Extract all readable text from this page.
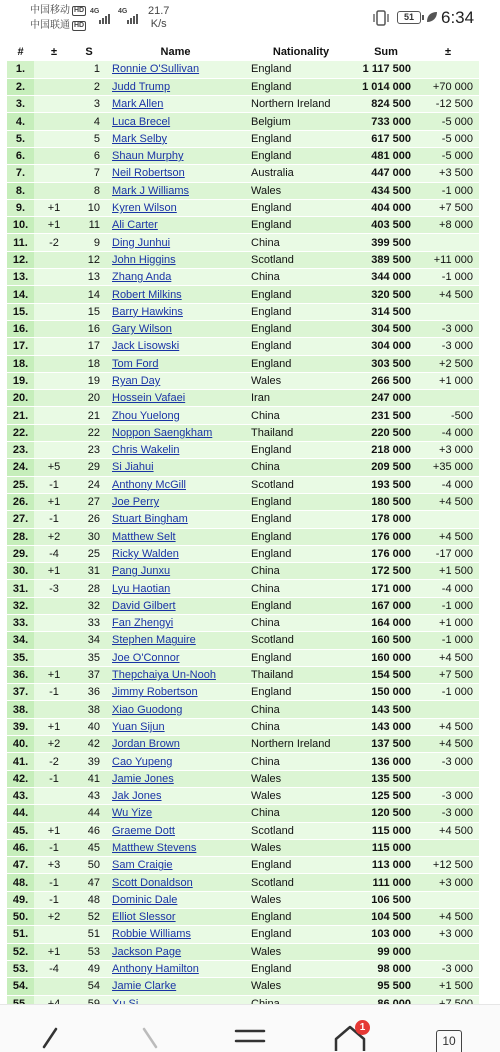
中国移动 HD
中国联通 HD
4G	4G 21.7
K/s
51	6:34
#	±	S	Name	Nationality	Sum	±
1.		1	Ronnie O'Sullivan	England	1 117 500	
2.		2	Judd Trump	England	1 014 000	+70 000
3.		3	Mark Allen	Northern Ireland	824 500	-12 500
4.		4	Luca Brecel	Belgium	733 000	-5 000
5.		5	Mark Selby	England	617 500	-5 000
6.		6	Shaun Murphy	England	481 000	-5 000
7.		7	Neil Robertson	Australia	447 000	+3 500
8.		8	Mark J Williams	Wales	434 500	-1 000
9.	+1	10	Kyren Wilson	England	404 000	+7 500
10.	+1	11	Ali Carter	England	403 500	+8 000
11.	-2	9	Ding Junhui	China	399 500	
12.		12	John Higgins	Scotland	389 500	+11 000
13.		13	Zhang Anda	China	344 000	-1 000
14.		14	Robert Milkins	England	320 500	+4 500
15.		15	Barry Hawkins	England	314 500	
16.		16	Gary Wilson	England	304 500	-3 000
17.		17	Jack Lisowski	England	304 000	-3 000
18.		18	Tom Ford	England	303 500	+2 500
19.		19	Ryan Day	Wales	266 500	+1 000
20.		20	Hossein Vafaei	Iran	247 000	
21.		21	Zhou Yuelong	China	231 500	-500
22.		22	Noppon Saengkham	Thailand	220 500	-4 000
23.		23	Chris Wakelin	England	218 000	+3 000
24.	+5	29	Si Jiahui	China	209 500	+35 000
25.	-1	24	Anthony McGill	Scotland	193 500	-4 000
26.	+1	27	Joe Perry	England	180 500	+4 500
27.	-1	26	Stuart Bingham	England	178 000	
28.	+2	30	Matthew Selt	England	176 000	+4 500
29.	-4	25	Ricky Walden	England	176 000	-17 000
30.	+1	31	Pang Junxu	China	172 500	+1 500
31.	-3	28	Lyu Haotian	China	171 000	-4 000
32.		32	David Gilbert	England	167 000	-1 000
33.		33	Fan Zhengyi	China	164 000	+1 000
34.		34	Stephen Maguire	Scotland	160 500	-1 000
35.		35	Joe O'Connor	England	160 000	+4 500
36.	+1	37	Thepchaiya Un-Nooh	Thailand	154 500	+7 500
37.	-1	36	Jimmy Robertson	England	150 000	-1 000
38.		38	Xiao Guodong	China	143 500	
39.	+1	40	Yuan Sijun	China	143 000	+4 500
40.	+2	42	Jordan Brown	Northern Ireland	137 500	+4 500
41.	-2	39	Cao Yupeng	China	136 000	-3 000
42.	-1	41	Jamie Jones	Wales	135 500	
43.		43	Jak Jones	Wales	125 500	-3 000
44.		44	Wu Yize	China	120 500	-3 000
45.	+1	46	Graeme Dott	Scotland	115 000	+4 500
46.	-1	45	Matthew Stevens	Wales	115 000	
47.	+3	50	Sam Craigie	England	113 000	+12 500
48.	-1	47	Scott Donaldson	Scotland	111 000	+3 000
49.	-1	48	Dominic Dale	Wales	106 500	
50.	+2	52	Elliot Slessor	England	104 500	+4 500
51.		51	Robbie Williams	England	103 000	+3 000
52.	+1	53	Jackson Page	Wales	99 000	
53.	-4	49	Anthony Hamilton	England	98 000	-3 000
54.		54	Jamie Clarke	Wales	95 500	+1 500

1
10
